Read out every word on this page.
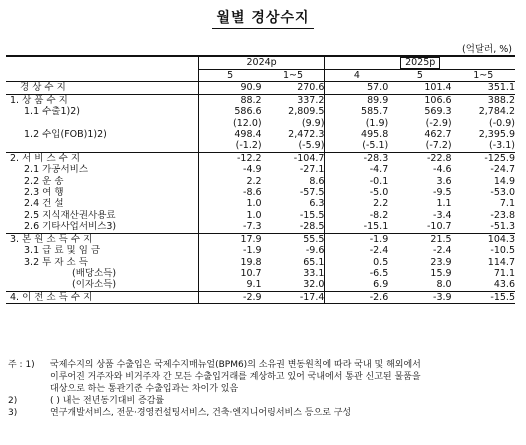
월별 경상수지
(억달러, %)
	2024p		2025p		
	5	1~5	4	5	1~5
경 상 수 지	90.9	270.6	57.0	101.4	351.1
1. 상 품 수 지	88.2	337.2	89.9	106.6	388.2
1.1 수출1)2)	586.6	2,809.5	585.7	569.3	2,784.2
	(12.0)	(9.9)	(1.9)	(-2.9)	(-0.9)
1.2 수입(FOB)1)2)	498.4	2,472.3	495.8	462.7	2,395.9
	(-1.2)	(-5.9)	(-5.1)	(-7.2)	(-3.1)
2. 서 비 스 수 지	-12.2	-104.7	-28.3	-22.8	-125.9
2.1 가공서비스	-4.9	-27.1	-4.7	-4.6	-24.7
2.2 운 송	2.2	8.6	-0.1	3.6	14.9
2.3 여 행	-8.6	-57.5	-5.0	-9.5	-53.0
2.4 건 설	1.0	6.3	2.2	1.1	7.1
2.5 지식재산권사용료	1.0	-15.5	-8.2	-3.4	-23.8
2.6 기타사업서비스3)	-7.3	-28.5	-15.1	-10.7	-51.3
3. 본 원 소 득 수 지	17.9	55.5	-1.9	21.5	104.3
3.1 급 료 및 임 금	-1.9	-9.6	-2.4	-2.4	-10.5
3.2 투 자 소 득	19.8	65.1	0.5	23.9	114.7
(배당소득)	10.7	33.1	-6.5	15.9	71.1
(이자소득)	9.1	32.0	6.9	8.0	43.6
4. 이 전 소 득 수 지	-2.9	-17.4	-2.6	-3.9	-15.5
주 : 1)	국제수지의 상품 수출입은 국제수지매뉴얼(BPM6)의 소유권 변동원칙에 따라 국내 및 해외에서
이루어진 거주자와 비거주자 간 모든 수출입거래를 계상하고 있어 국내에서 통관 신고된 물품을
대상으로 하는 통관기준 수출입과는 차이가 있음
2)	( ) 내는 전년동기대비 증감률
3)	연구개발서비스, 전문·경영컨설팅서비스, 건축·엔지니어링서비스 등으로 구성
